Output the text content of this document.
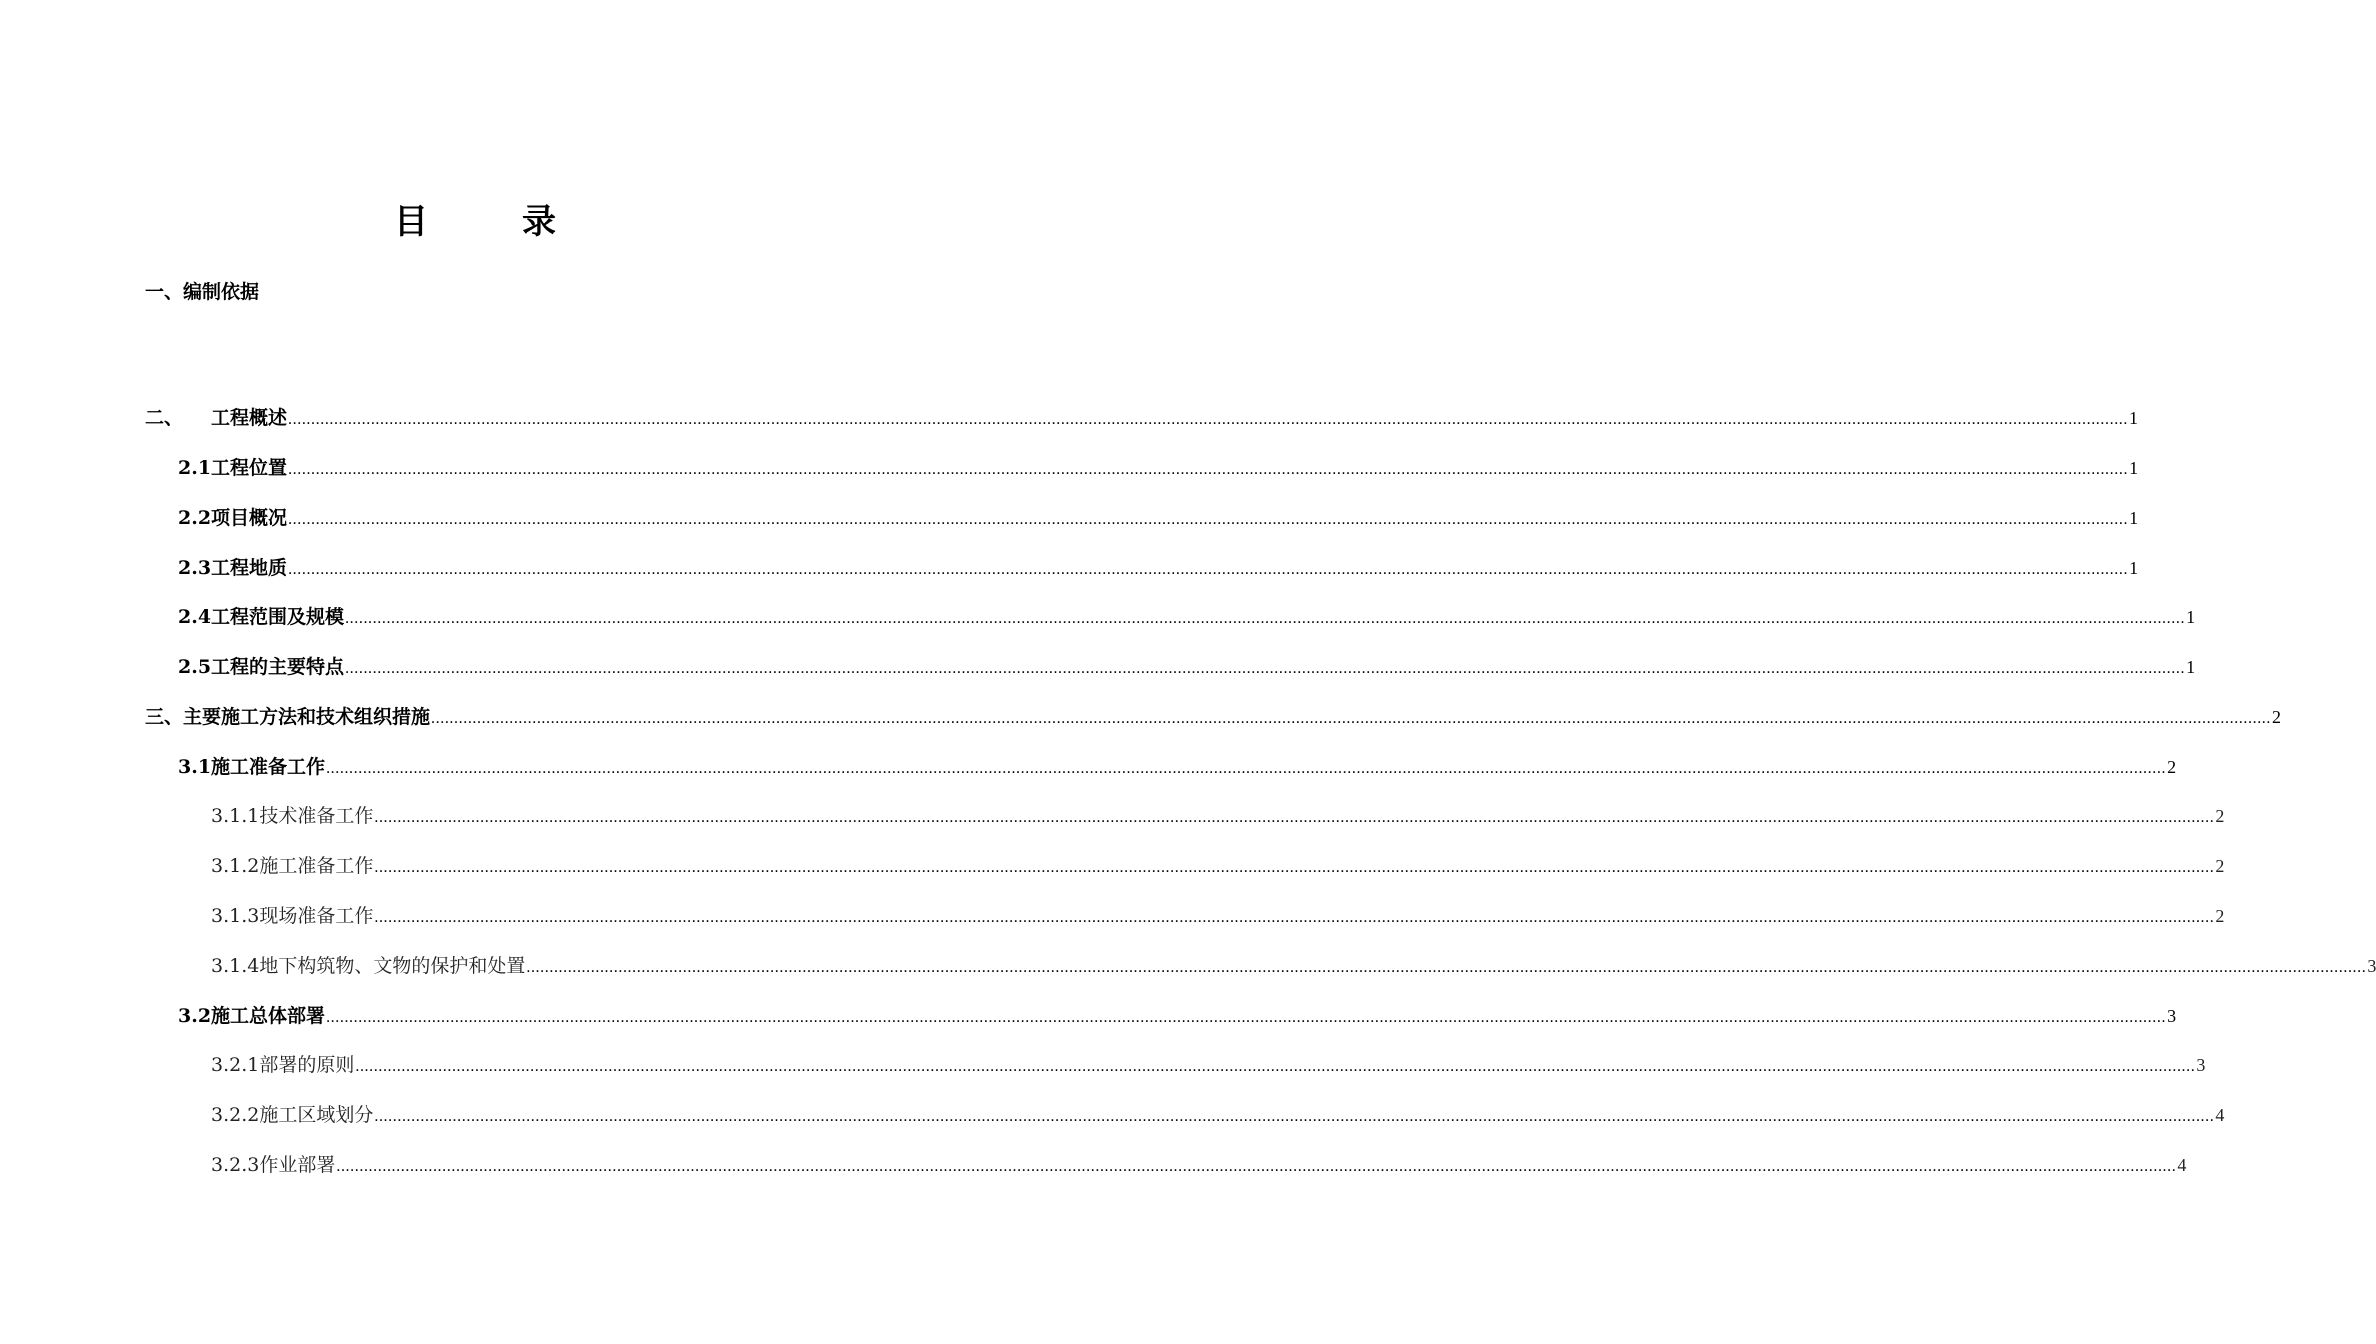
目　录
一、编制依据
二、 工程概述 ................................................................................................................................................................................................................................................................................................................................................................................................................ 1
2.1工程位置 ................................................................................................................................................................................................................................................................................................................................................................................................................ 1
2.2项目概况 ................................................................................................................................................................................................................................................................................................................................................................................................................ 1
2.3工程地质 ................................................................................................................................................................................................................................................................................................................................................................................................................ 1
2.4工程范围及规模 ................................................................................................................................................................................................................................................................................................................................................................................................................ 1
2.5工程的主要特点 ................................................................................................................................................................................................................................................................................................................................................................................................................ 1
三、主要施工方法和技术组织措施 ................................................................................................................................................................................................................................................................................................................................................................................................................ 2
3.1施工准备工作 ................................................................................................................................................................................................................................................................................................................................................................................................................ 2
3.1.1技术准备工作 ................................................................................................................................................................................................................................................................................................................................................................................................................ 2
3.1.2施工准备工作 ................................................................................................................................................................................................................................................................................................................................................................................................................ 2
3.1.3现场准备工作 ................................................................................................................................................................................................................................................................................................................................................................................................................ 2
3.1.4地下构筑物、文物的保护和处置 ................................................................................................................................................................................................................................................................................................................................................................................................................ 3
3.2施工总体部署 ................................................................................................................................................................................................................................................................................................................................................................................................................ 3
3.2.1部署的原则 ................................................................................................................................................................................................................................................................................................................................................................................................................ 3
3.2.2施工区域划分 ................................................................................................................................................................................................................................................................................................................................................................................................................ 4
3.2.3作业部署 ................................................................................................................................................................................................................................................................................................................................................................................................................ 4
